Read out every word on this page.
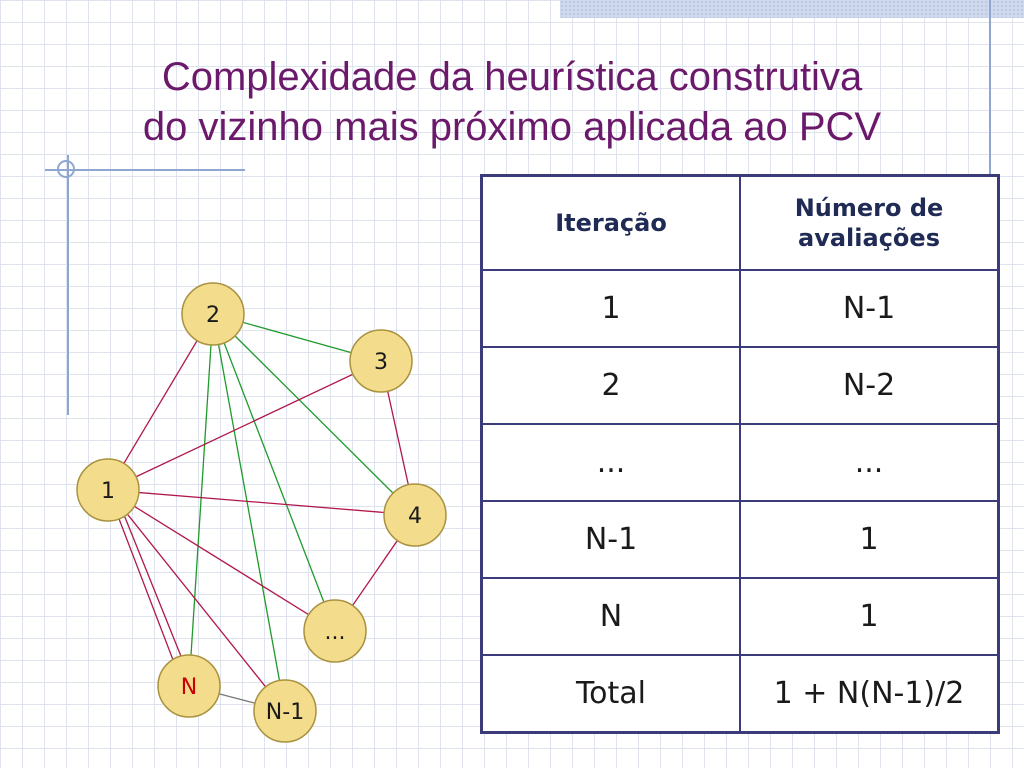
Complexidade da heurística construtiva
do vizinho mais próximo aplicada ao PCV
2
3
1
4
...
N
N-1
Iteração	Número de avaliações
1	N-1
2	N-2
...	...
N-1	1
N	1
Total	1 + N(N-1)/2
